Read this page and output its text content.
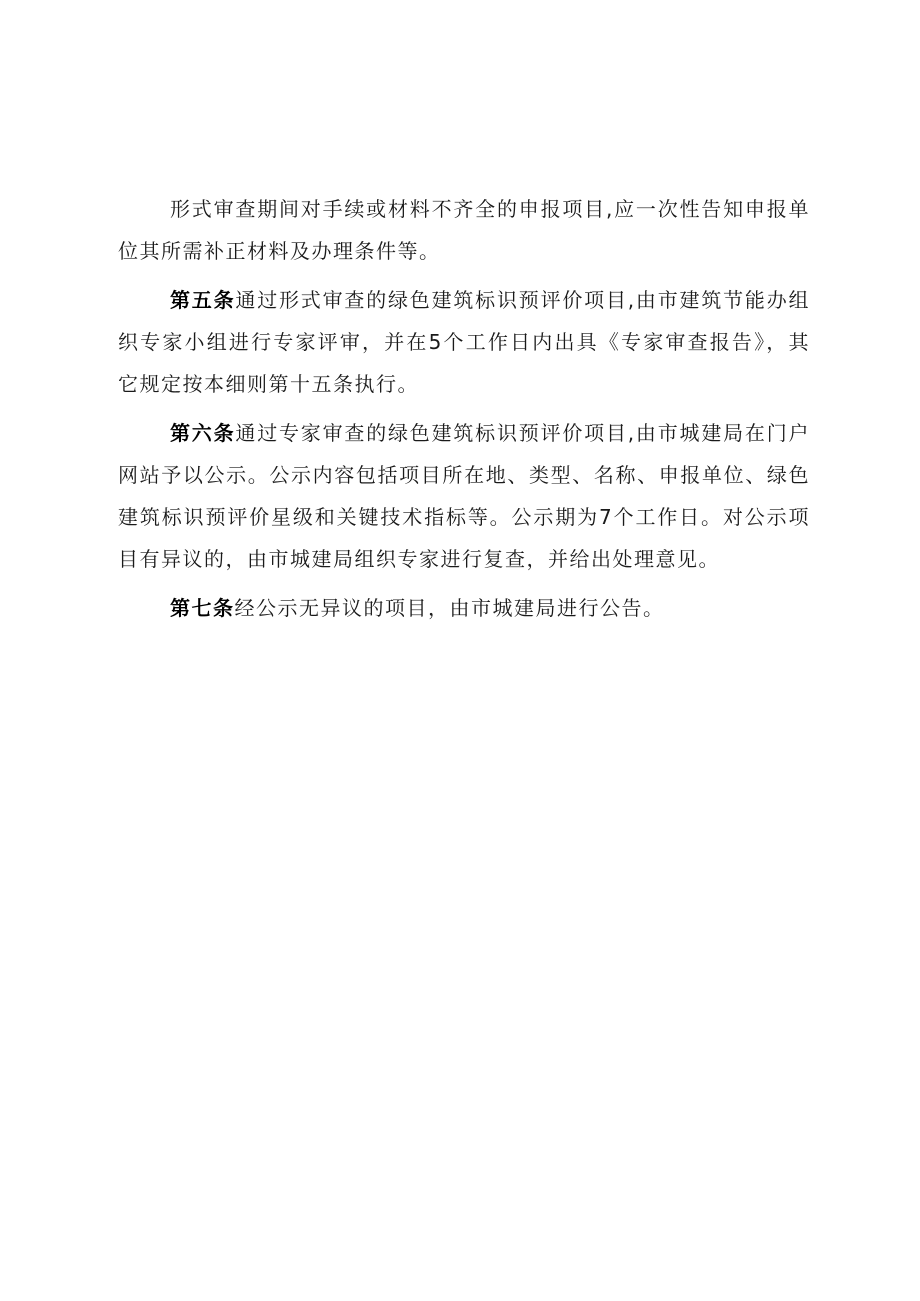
形式审查期间对手续或材料不齐全的申报项目,应一次性告知申报单位其所需补正材料及办理条件等。

第五条通过形式审查的绿色建筑标识预评价项目,由市建筑节能办组织专家小组进行专家评审，并在5个工作日内出具《专家审查报告》，其它规定按本细则第十五条执行。

第六条通过专家审查的绿色建筑标识预评价项目,由市城建局在门户网站予以公示。公示内容包括项目所在地、类型、名称、申报单位、绿色建筑标识预评价星级和关键技术指标等。公示期为7个工作日。对公示项目有异议的，由市城建局组织专家进行复查，并给出处理意见。

第七条经公示无异议的项目，由市城建局进行公告。
